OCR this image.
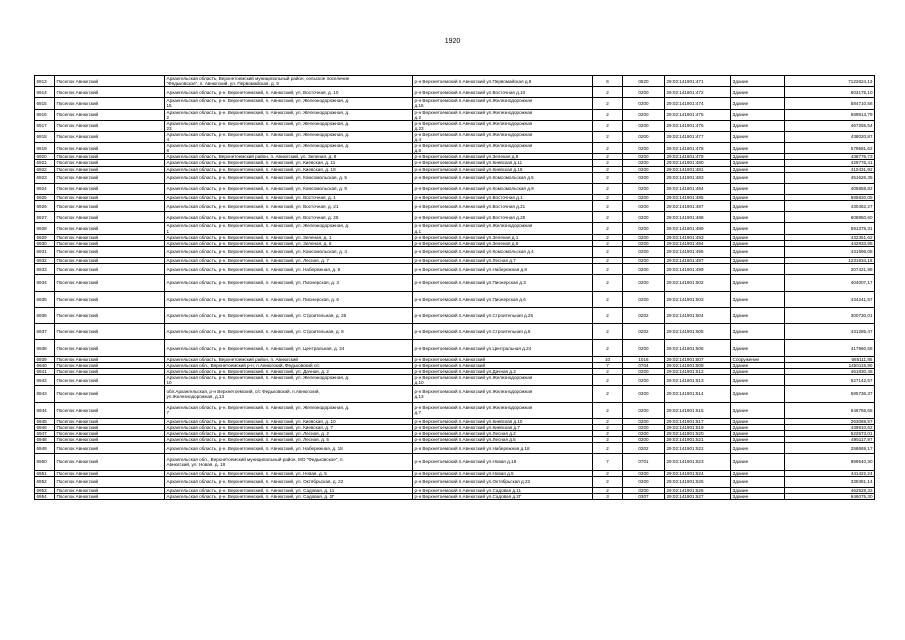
1920
6913	Поселок Авнюгский	Архангельская область, Верхнетоемский муниципальный район, сельское поселение
"Федьковское", п. Авнюгский, ул. Первомайская, д. 9	р-н Верхнетоемский п.Авнюгский ул.Первомайская д.9	6	0520	29:02:141901:471	Здание	7122624,13
6914	Поселок Авнюгский	Архангельская область, р-н. Верхнетоемский, п. Авнюгский, ул. Восточная, д. 10	р-н Верхнетоемский п.Авнюгский ул.Восточная д.10	2	0200	29:02:141901:472	Здание	603175,10
6915	Поселок Авнюгский	Архангельская область, р-н. Верхнетоемский, п. Авнюгский, ул. Железнодорожная, д.
15	р-н Верхнетоемский п.Авнюгский ул.Железнодорожная
д.15	2	0200	29:02:141901:474	Здание	584710,56
6916	Поселок Авнюгский	Архангельская область, р-н. Верхнетоемский, п. Авнюгский, ул. Железнодорожная, д.
2	р-н Верхнетоемский п.Авнюгский ул.Железнодорожная
д.2	2	0200	29:02:141901:475	Здание	589813,79
6917	Поселок Авнюгский	Архангельская область, р-н. Верхнетоемский, п. Авнюгский, ул. Железнодорожная, д.
23	р-н Верхнетоемский п.Авнюгский ул.Железнодорожная
д.23	2	0200	29:02:141901:476	Здание	467255,54
6918	Поселок Авнюгский	Архангельская область, р-н. Верхнетоемский, п. Авнюгский, ул. Железнодорожная, д.
4	р-н Верхнетоемский п.Авнюгский ул.Железнодорожная
д.4	2	0200	29:02:141901:477	Здание	438020,87
6919	Поселок Авнюгский	Архангельская область, р-н. Верхнетоемский, п. Авнюгский, ул. Железнодорожная, д.
6	р-н Верхнетоемский п.Авнюгский ул.Железнодорожная
д.6	2	0200	29:02:141901:478	Здание	579581,62
6920	Поселок Авнюгский	Архангельская область, Верхнетоемский район, п. Авнюгский, ул. Зеленая, д. 8	р-н Верхнетоемский п.Авнюгский ул.Зеленая д.8	2	0200	29:02:141901:479	Здание	438776,73
6921	Поселок Авнюгский	Архангельская область, р-н. Верхнетоемский, п. Авнюгский, ул. Киевская, д. 11	р-н Верхнетоемский п.Авнюгский ул.Киевская д.11	2	0200	29:02:141901:480	Здание	429776,41
6922	Поселок Авнюгский	Архангельская область, р-н. Верхнетоемский, п. Авнюгский, ул. Киевская, д. 18	р-н Верхнетоемский п.Авнюгский ул.Киевская д.18	2	0200	29:02:141901:481	Здание	410431,92
6923	Поселок Авнюгский	Архангельская область, р-н. Верхнетоемский, п. Авнюгский, ул. Комсомольская, д. 5	р-н Верхнетоемский п.Авнюгский ул.Комсомольская д.5	2	0200	29:02:141901:483	Здание	451626,35
6924	Поселок Авнюгский	Архангельская область, р-н. Верхнетоемский, п. Авнюгский, ул. Комсомольская, д. 9	р-н Верхнетоемский п.Авнюгский ул.Комсомольская д.9	2	0200	29:02:141901:484	Здание	405858,82
6925	Поселок Авнюгский	Архангельская область, р-н. Верхнетоемский, п. Авнюгский, ул. Восточная, д. 1	р-н Верхнетоемский п.Авнюгский ул.Восточная д.1	2	0200	29:02:141901:485	Здание	585820,05
6926	Поселок Авнюгский	Архангельская область, р-н. Верхнетоемский, п. Авнюгский, ул. Восточная, д. 21	р-н Верхнетоемский п.Авнюгский ул.Восточная д.21	2	0200	29:02:141901:487	Здание	430462,27
6927	Поселок Авнюгский	Архангельская область, р-н. Верхнетоемский, п. Авнюгский, ул. Восточная, д. 25	р-н Верхнетоемский п.Авнюгский ул.Восточная д.25	2	0200	29:02:141901:488	Здание	608950,60
6928	Поселок Авнюгский	Архангельская область, р-н. Верхнетоемский, п. Авнюгский, ул. Железнодорожная, д.
1	р-н Верхнетоемский п.Авнюгский ул.Железнодорожная
д.1	2	0200	29:02:141901:489	Здание	591378,31
6929	Поселок Авнюгский	Архангельская область, р-н. Верхнетоемский, п. Авнюгский, ул. Зеленая, д. 1	р-н Верхнетоемский п.Авнюгский ул.Зеленая д.1	2	0200	29:02:141901:493	Здание	432351,62
6930	Поселок Авнюгский	Архангельская область, р-н. Верхнетоемский, п. Авнюгский, ул. Зеленая, д. 6	р-н Верхнетоемский п.Авнюгский ул.Зеленая д.6	2	0200	29:02:141901:494	Здание	442933,95
6931	Поселок Авнюгский	Архангельская область, р-н. Верхнетоемский, п. Авнюгский, ул. Комсомольская, д. 4	р-н Верхнетоемский п.Авнюгский ул.Комсомольская д.4	2	0200	29:02:141901:495	Здание	431596,08
6932	Поселок Авнюгский	Архангельская область, р-н. Верхнетоемский, п. Авнюгский, ул. Лесная, д. 7	р-н Верхнетоемский п.Авнюгский ул.Лесная д.7	2	0200	29:02:141901:497	Здание	1231934,16
6933	Поселок Авнюгский	Архангельская область, р-н. Верхнетоемский, п. Авнюгский, ул. Набережная, д. 8	р-н Верхнетоемский п.Авнюгский ул.Набережная д.8	2	0200	29:02:141901:499	Здание	207421,98
6934	Поселок Авнюгский	Архангельская область, р-н. Верхнетоемский, п. Авнюгский, ул. Пионерская, д. 3	р-н Верхнетоемский п.Авнюгский ул.Пионерская д.3	2	0200	29:02:141901:502	Здание	404007,17
6935	Поселок Авнюгский	Архангельская область, р-н. Верхнетоемский, п. Авнюгский, ул. Пионерская, д. 6	р-н Верхнетоемский п.Авнюгский ул.Пионерская д.6	2	0200	29:02:141901:503	Здание	434241,57
6936	Поселок Авнюгский	Архангельская область, р-н. Верхнетоемский, п. Авнюгский, ул. Строительная, д. 25	р-н Верхнетоемский п.Авнюгский ул.Строительная д.25	2	0202	29:02:141901:504	Здание	300730,01
6937	Поселок Авнюгский	Архангельская область, р-н. Верхнетоемский, п. Авнюгский, ул. Строительная, д. 8	р-н Верхнетоемский п.Авнюгский ул.Строительная д.8	2	0202	29:02:141901:505	Здание	431285,47
6938	Поселок Авнюгский	Архангельская область, р-н. Верхнетоемский, п. Авнюгский, ул. Центральная, д. 24	р-н Верхнетоемский п.Авнюгский ул.Центральная д.24	2	0200	29:02:141901:506	Здание	417960,58
6939	Поселок Авнюгский	Архангельская область, Верхнетоемский район, п. Авнюгский	р-н Верхнетоемский п.Авнюгский	10	1016	29:02:141901:507	Сооружение	665111,85
6940	Поселок Авнюгский	Архангельская обл., Верхнетоемский р-н, п.Авнюгский, Федьковский с/с	р-н Верхнетоемский п.Авнюгский	7	0704	29:02:141901:509	Здание	1450115,90
6941	Поселок Авнюгский	Архангельская область, р-н. Верхнетоемский, п. Авнюгский, ул. Дачная, д. 2	р-н Верхнетоемский п.Авнюгский ул.Дачная д.2	2	0200	29:02:141901:512	Здание	461830,46
6942	Поселок Авнюгский	Архангельская область, р-н. Верхнетоемский, п. Авнюгский, ул. Железнодорожная, д.
10	р-н Верхнетоемский п.Авнюгский ул.Железнодорожная
д.10	2	0200	29:02:141901:513	Здание	527142,57
6943	Поселок Авнюгский	обл.Архангельская, р-н Верхнетоемский, с/с Федьковский, п.Авнюгский,
ул.Железнодорожная, д.13	р-н Верхнетоемский п.Авнюгский ул.Железнодорожная
д.13	2	0200	29:02:141901:514	Здание	585736,37
6944	Поселок Авнюгский	Архангельская область, р-н. Верхнетоемский, п. Авнюгский, ул. Железнодорожная, д.
7	р-н Верхнетоемский п.Авнюгский ул.Железнодорожная
д.7	2	0200	29:02:141901:515	Здание	546755,65
6945	Поселок Авнюгский	Архангельская область, р-н. Верхнетоемский, п. Авнюгский, ул. Киевская, д. 10	р-н Верхнетоемский п.Авнюгский ул.Киевская д.10	2	0200	29:02:141901:517	Здание	263069,57
6946	Поселок Авнюгский	Архангельская область, р-н. Верхнетоемский, п. Авнюгский, ул. Киевская, д. 7	р-н Верхнетоемский п.Авнюгский ул.Киевская д.7	2	0200	29:02:141901:519	Здание	439910,62
6947	Поселок Авнюгский	Архангельская область, р-н. Верхнетоемский, п. Авнюгский, ул. Лесная, д. 2	р-н Верхнетоемский п.Авнюгский ул.Лесная д.2	2	0200	29:02:141901:520	Здание	522573,01
6948	Поселок Авнюгский	Архангельская область, р-н. Верхнетоемский, п. Авнюгский, ул. Лесная, д. 5	р-н Верхнетоемский п.Авнюгский ул.Лесная д.5	2	0200	29:02:141901:521	Здание	495117,97
6949	Поселок Авнюгский	Архангельская область, р-н. Верхнетоемский, п. Авнюгский, ул. Набережная, д. 18	р-н Верхнетоемский п.Авнюгский ул.Набережная д.18	2	0202	29:02:141901:522	Здание	258669,17
6950	Поселок Авнюгский	Архангельская обл., Верхнетоемский муниципальный район, МО "Федьковское", п.
Авнюгский, ул. Новая, д. 18	р-н Верхнетоемский п.Авнюгский ул.Новая д.18	7	0701	29:02:141901:523	Здание	899540,30
6951	Поселок Авнюгский	Архангельская область, р-н. Верхнетоемский, п. Авнюгский, ул. Новая, д. 5	р-н Верхнетоемский п.Авнюгский ул.Новая д.5	2	0200	29:02:141901:524	Здание	441422,24
6952	Поселок Авнюгский	Архангельская область, р-н. Верхнетоемский, п. Авнюгский, ул. Октябрьская, д. 22	р-н Верхнетоемский п.Авнюгский ул.Октябрьская д.22	2	0200	29:02:141901:525	Здание	339381,14
6953	Поселок Авнюгский	Архангельская область, р-н. Верхнетоемский, п. Авнюгский, ул. Садовая, д. 11	р-н Верхнетоемский п.Авнюгский ул.Садовая д.11	2	0200	29:02:141901:526	Здание	462528,32
6954	Поселок Авнюгский	Архангельская область, р-н. Верхнетоемский, п. Авнюгский, ул. Садовая, д. 2Г	р-н Верхнетоемский п.Авнюгский ул.Садовая д.2Г	3	0307	29:02:141901:527	Здание	646075,30
